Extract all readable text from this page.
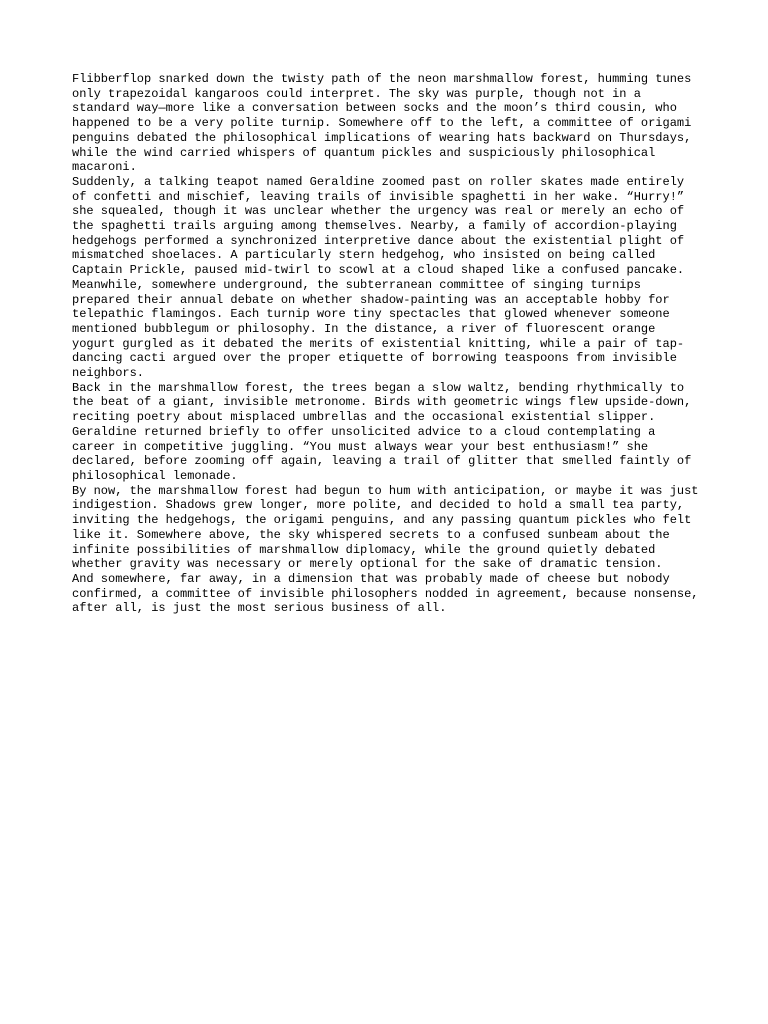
Flibberflop snarked down the twisty path of the neon marshmallow forest, humming tunes only trapezoidal kangaroos could interpret. The sky was purple, though not in a standard way—more like a conversation between socks and the moon’s third cousin, who happened to be a very polite turnip. Somewhere off to the left, a committee of origami penguins debated the philosophical implications of wearing hats backward on Thursdays, while the wind carried whispers of quantum pickles and suspiciously philosophical macaroni.

Suddenly, a talking teapot named Geraldine zoomed past on roller skates made entirely of confetti and mischief, leaving trails of invisible spaghetti in her wake. “Hurry!” she squealed, though it was unclear whether the urgency was real or merely an echo of the spaghetti trails arguing among themselves. Nearby, a family of accordion-playing hedgehogs performed a synchronized interpretive dance about the existential plight of mismatched shoelaces. A particularly stern hedgehog, who insisted on being called Captain Prickle, paused mid-twirl to scowl at a cloud shaped like a confused pancake.

Meanwhile, somewhere underground, the subterranean committee of singing turnips prepared their annual debate on whether shadow-painting was an acceptable hobby for telepathic flamingos. Each turnip wore tiny spectacles that glowed whenever someone mentioned bubblegum or philosophy. In the distance, a river of fluorescent orange yogurt gurgled as it debated the merits of existential knitting, while a pair of tap-dancing cacti argued over the proper etiquette of borrowing teaspoons from invisible neighbors.

Back in the marshmallow forest, the trees began a slow waltz, bending rhythmically to the beat of a giant, invisible metronome. Birds with geometric wings flew upside-down, reciting poetry about misplaced umbrellas and the occasional existential slipper. Geraldine returned briefly to offer unsolicited advice to a cloud contemplating a career in competitive juggling. “You must always wear your best enthusiasm!” she declared, before zooming off again, leaving a trail of glitter that smelled faintly of philosophical lemonade.

By now, the marshmallow forest had begun to hum with anticipation, or maybe it was just indigestion. Shadows grew longer, more polite, and decided to hold a small tea party, inviting the hedgehogs, the origami penguins, and any passing quantum pickles who felt like it. Somewhere above, the sky whispered secrets to a confused sunbeam about the infinite possibilities of marshmallow diplomacy, while the ground quietly debated whether gravity was necessary or merely optional for the sake of dramatic tension.

And somewhere, far away, in a dimension that was probably made of cheese but nobody confirmed, a committee of invisible philosophers nodded in agreement, because nonsense, after all, is just the most serious business of all.
